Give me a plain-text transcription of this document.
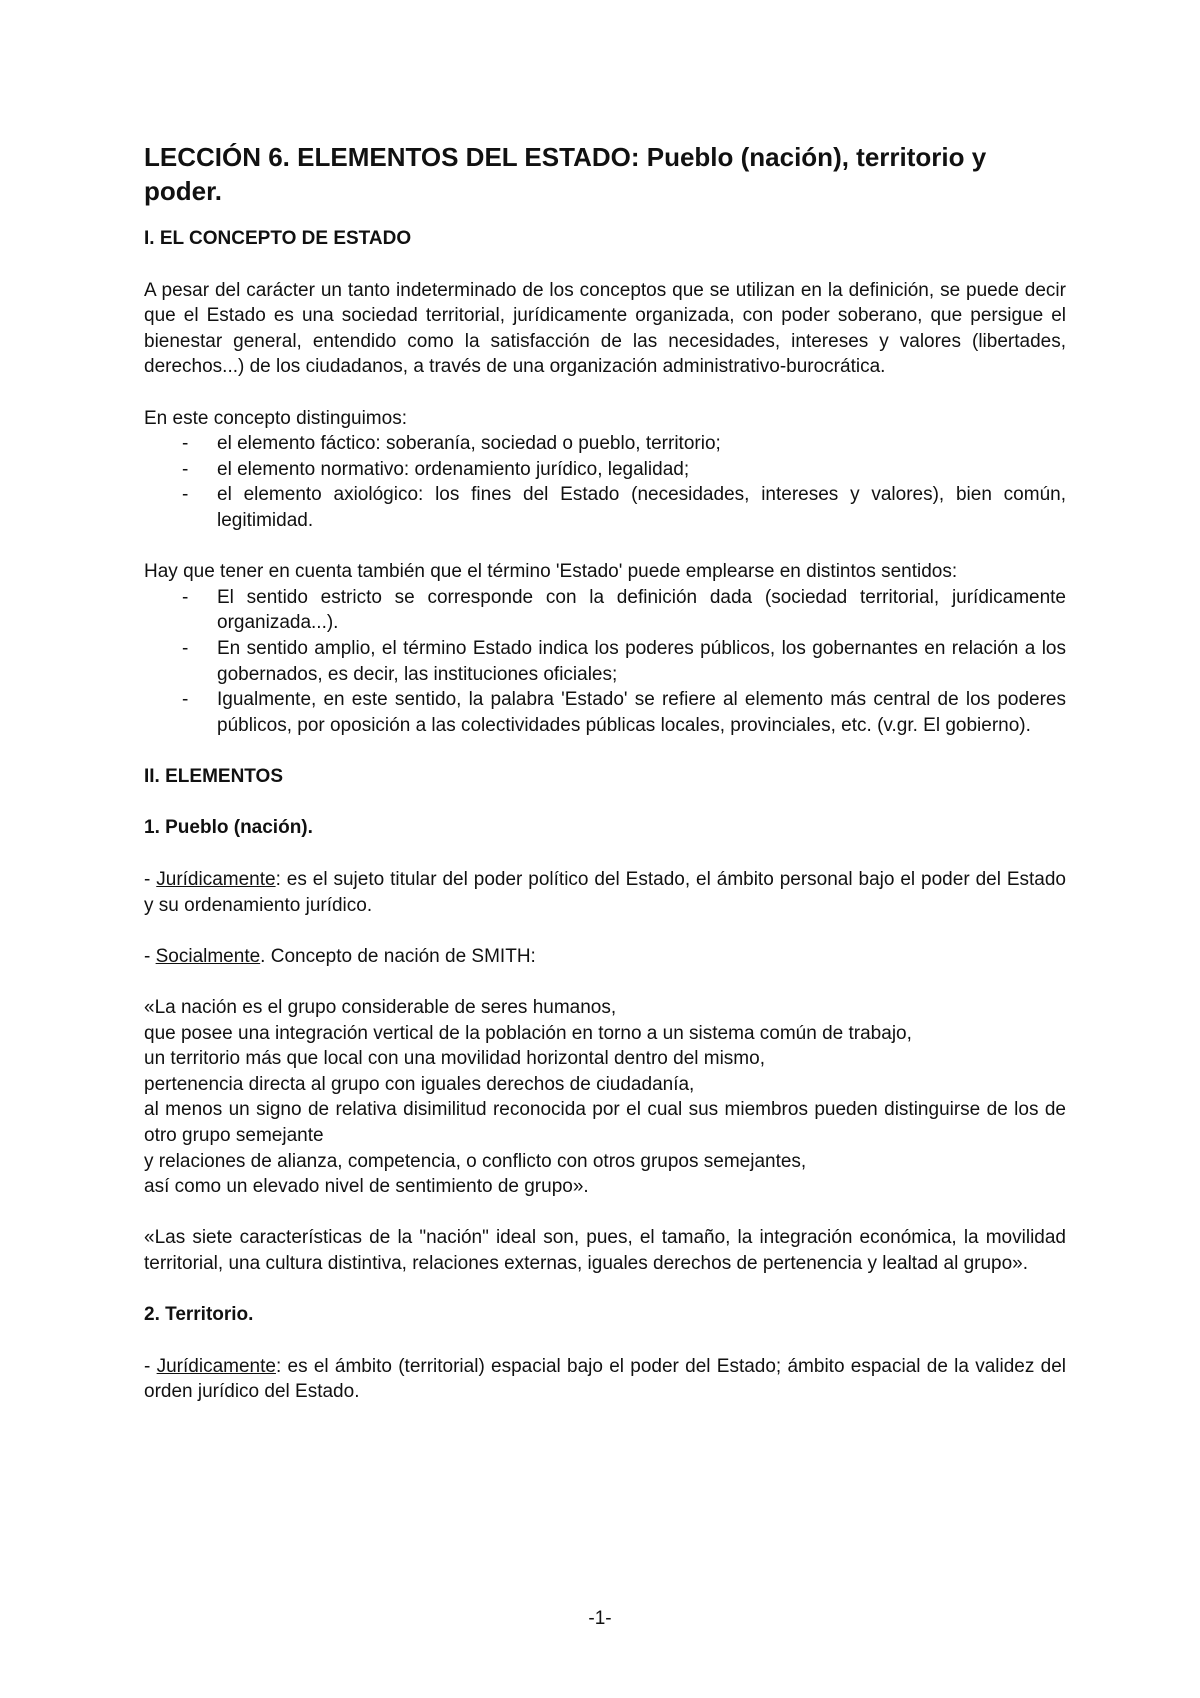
LECCIÓN 6. ELEMENTOS DEL ESTADO: Pueblo (nación), territorio y poder.
I. EL CONCEPTO DE ESTADO

A pesar del carácter un tanto indeterminado de los conceptos que se utilizan en la definición, se puede decir que el Estado es una sociedad territorial, jurídicamente organizada, con poder soberano, que persigue el bienestar general, entendido como la satisfacción de las necesidades, intereses y valores (libertades, derechos...) de los ciudadanos, a través de una organización administrativo-burocrática.

En este concepto distinguimos:

- el elemento fáctico: soberanía, sociedad o pueblo, territorio;
- el elemento normativo: ordenamiento jurídico, legalidad;
- el elemento axiológico: los fines del Estado (necesidades, intereses y valores), bien común, legitimidad.

Hay que tener en cuenta también que el término 'Estado' puede emplearse en distintos sentidos:

- El sentido estricto se corresponde con la definición dada (sociedad territorial, jurídicamente organizada...).
- En sentido amplio, el término Estado indica los poderes públicos, los gobernantes en relación a los gobernados, es decir, las instituciones oficiales;
- Igualmente, en este sentido, la palabra 'Estado' se refiere al elemento más central de los poderes públicos, por oposición a las colectividades públicas locales, provinciales, etc. (v.gr. El gobierno).
II. ELEMENTOS
1. Pueblo (nación).

- Jurídicamente: es el sujeto titular del poder político del Estado, el ámbito personal bajo el poder del Estado y su ordenamiento jurídico.

- Socialmente. Concepto de nación de SMITH:

«La nación es el grupo considerable de seres humanos,

que posee una integración vertical de la población en torno a un sistema común de trabajo,

un territorio más que local con una movilidad horizontal dentro del mismo,

pertenencia directa al grupo con iguales derechos de ciudadanía,

al menos un signo de relativa disimilitud reconocida por el cual sus miembros pueden distinguirse de los de otro grupo semejante

y relaciones de alianza, competencia, o conflicto con otros grupos semejantes,

así como un elevado nivel de sentimiento de grupo».

«Las siete características de la "nación" ideal son, pues, el tamaño, la integración económica, la movilidad territorial, una cultura distintiva, relaciones externas, iguales derechos de pertenencia y lealtad al grupo».

2. Territorio.

- Jurídicamente: es el ámbito (territorial) espacial bajo el poder del Estado; ámbito espacial de la validez del orden jurídico del Estado.

-1-
